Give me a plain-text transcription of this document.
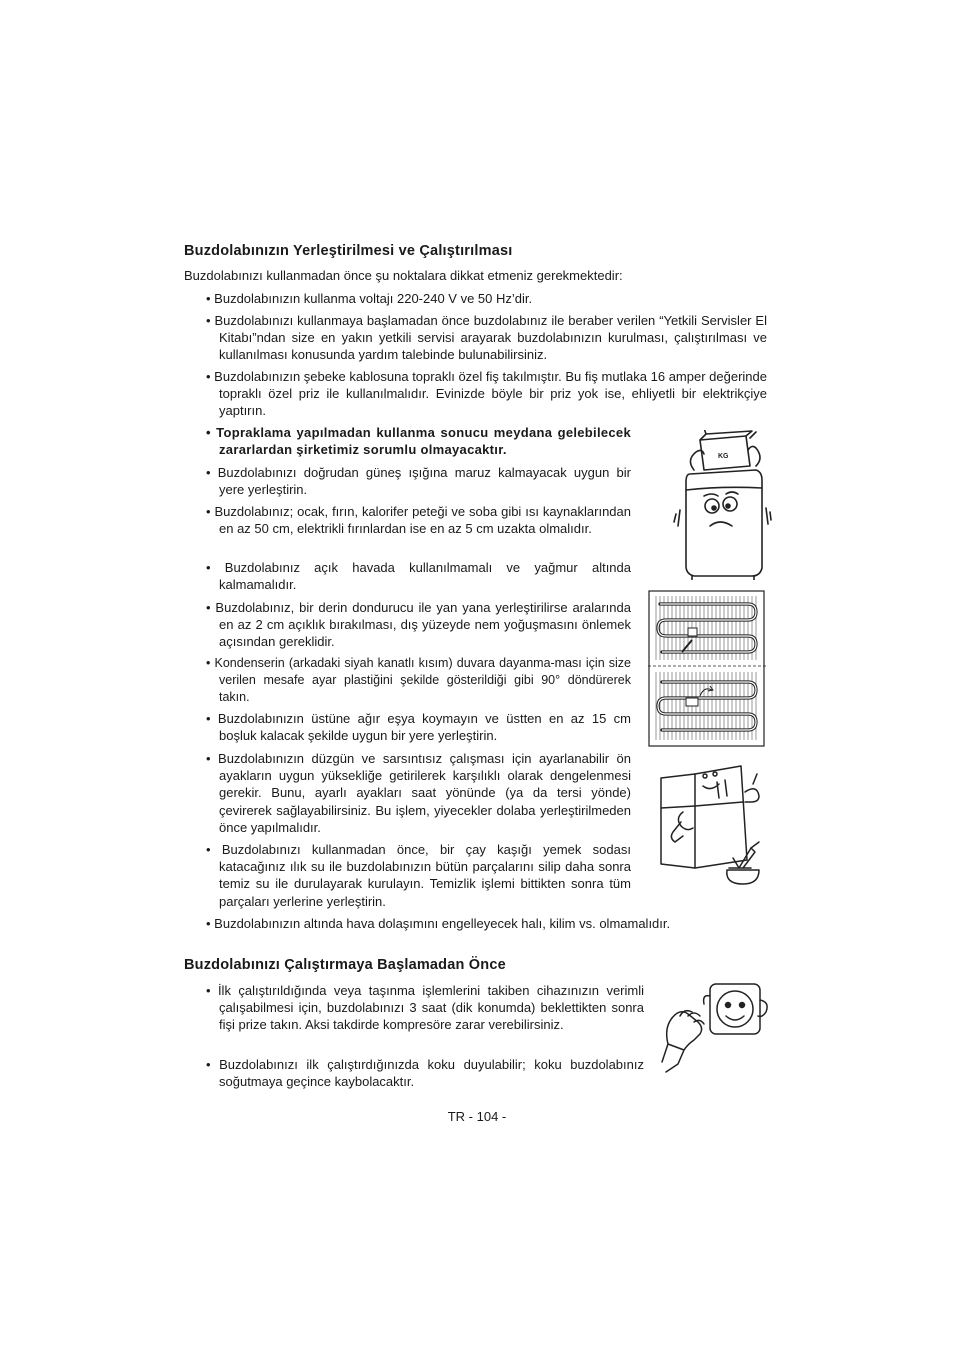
Buzdolabınızın Yerleştirilmesi ve Çalıştırılması

Buzdolabınızı kullanmadan önce şu noktalara dikkat etmeniz gerekmektedir:

• Buzdolabınızın kullanma voltajı 220-240 V ve 50 Hz’dir.

• Buzdolabınızı kullanmaya başlamadan önce buzdolabınız ile beraber verilen “Yetkili Servisler El Kitabı”ndan size en yakın yetkili servisi arayarak buzdolabınızın kurulması, çalıştırılması ve kullanılması konusunda yardım talebinde bulunabilirsiniz.

• Buzdolabınızın şebeke kablosuna topraklı özel fiş takılmıştır. Bu fiş mutlaka 16 amper değerinde topraklı özel priz ile kullanılmalıdır. Evinizde böyle bir priz yok ise, ehliyetli bir elektrikçiye yaptırın.

• Topraklama yapılmadan kullanma sonucu meydana gelebilecek zararlardan şirketimiz sorumlu olmayacaktır.

• Buzdolabınızı doğrudan güneş ışığına maruz kalmayacak uygun bir yere yerleştirin.

• Buzdolabınız; ocak, fırın, kalorifer peteği ve soba gibi ısı kaynaklarından en az 50 cm, elektrikli fırınlardan ise en az 5 cm uzakta olmalıdır.

• Buzdolabınız açık havada kullanılmamalı ve yağmur altında kalmamalıdır.

• Buzdolabınız, bir derin dondurucu ile yan yana yerleştirilirse aralarında en az 2 cm açıklık bırakılması, dış yüzeyde nem yoğuşmasını önlemek açısından gereklidir.

• Kondenserin (arkadaki siyah kanatlı kısım) duvara dayanma-ması için size verilen mesafe ayar plastiğini şekilde gösterildiği gibi 90° döndürerek takın.

• Buzdolabınızın üstüne ağır eşya koymayın ve üstten en az 15 cm boşluk kalacak şekilde uygun bir yere yerleştirin.

• Buzdolabınızın düzgün ve sarsıntısız çalışması için ayarlanabilir ön ayakların uygun yüksekliğe getirilerek karşılıklı olarak dengelenmesi gerekir. Bunu, ayarlı ayakları saat yönünde (ya da tersi yönde) çevirerek sağlayabilirsiniz. Bu işlem, yiyecekler dolaba yerleştirilmeden önce yapılmalıdır.

• Buzdolabınızı kullanmadan önce, bir çay kaşığı yemek sodası katacağınız ılık su ile buzdolabınızın bütün parçalarını silip daha sonra temiz su ile durulayarak kurulayın. Temizlik işlemi bittikten sonra tüm parçaları yerlerine yerleştirin.

• Buzdolabınızın altında hava dolaşımını engelleyecek halı, kilim vs. olmamalıdır.

Buzdolabınızı Çalıştırmaya Başlamadan Önce

• İlk çalıştırıldığında veya taşınma işlemlerini takiben cihazınızın verimli çalışabilmesi için, buzdolabınızı 3 saat (dik konumda) beklettikten sonra fişi prize takın. Aksi takdirde kompresöre zarar verebilirsiniz.

• Buzdolabınızı ilk çalıştırdığınızda koku duyulabilir; koku buzdolabınız soğutmaya geçince kaybolacaktır.

TR - 104 -

KG
